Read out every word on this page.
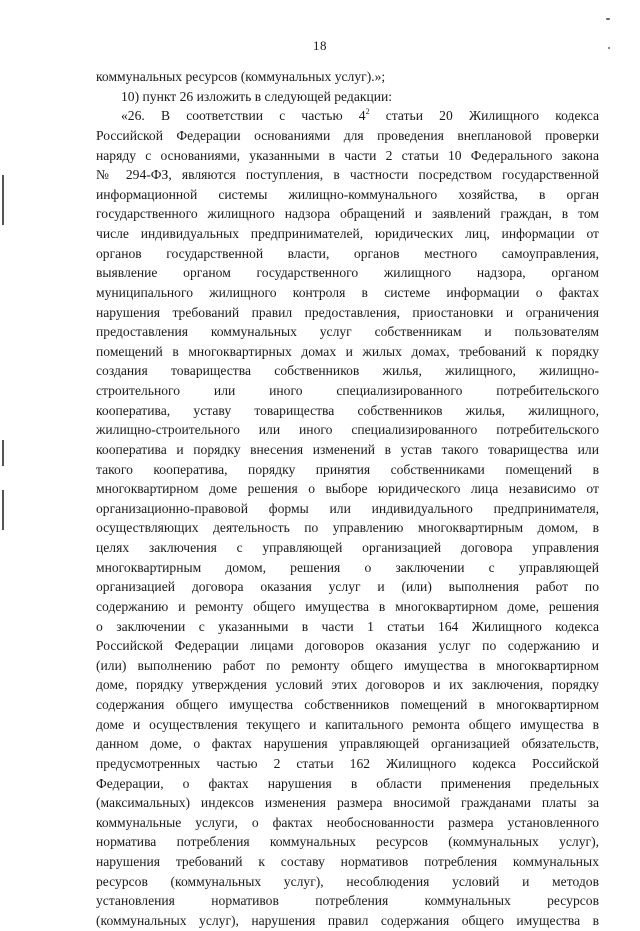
18
коммунальных ресурсов (коммунальных услуг).»;
10) пункт 26 изложить в следующей редакции:
«26. В соответствии с частью $4^2$ статьи 20 Жилищного кодекса
Российской Федерации основаниями для проведения внеплановой проверки
наряду с основаниями, указанными в части 2 статьи 10 Федерального закона
№ 294-ФЗ, являются поступления, в частности посредством государственной
информационной системы жилищно-коммунального хозяйства, в орган
государственного жилищного надзора обращений и заявлений граждан, в том
числе индивидуальных предпринимателей, юридических лиц, информации от
органов государственной власти, органов местного самоуправления,
выявление органом государственного жилищного надзора, органом
муниципального жилищного контроля в системе информации о фактах
нарушения требований правил предоставления, приостановки и ограничения
предоставления коммунальных услуг собственникам и пользователям
помещений в многоквартирных домах и жилых домах, требований к порядку
создания товарищества собственников жилья, жилищного, жилищно-
строительного или иного специализированного потребительского
кооператива, уставу товарищества собственников жилья, жилищного,
жилищно-строительного или иного специализированного потребительского
кооператива и порядку внесения изменений в устав такого товарищества или
такого кооператива, порядку принятия собственниками помещений в
многоквартирном доме решения о выборе юридического лица независимо от
организационно-правовой формы или индивидуального предпринимателя,
осуществляющих деятельность по управлению многоквартирным домом, в
целях заключения с управляющей организацией договора управления
многоквартирным домом, решения о заключении с управляющей
организацией договора оказания услуг и (или) выполнения работ по
содержанию и ремонту общего имущества в многоквартирном доме, решения
о заключении с указанными в части 1 статьи 164 Жилищного кодекса
Российской Федерации лицами договоров оказания услуг по содержанию и
(или) выполнению работ по ремонту общего имущества в многоквартирном
доме, порядку утверждения условий этих договоров и их заключения, порядку
содержания общего имущества собственников помещений в многоквартирном
доме и осуществления текущего и капитального ремонта общего имущества в
данном доме, о фактах нарушения управляющей организацией обязательств,
предусмотренных частью 2 статьи 162 Жилищного кодекса Российской
Федерации, о фактах нарушения в области применения предельных
(максимальных) индексов изменения размера вносимой гражданами платы за
коммунальные услуги, о фактах необоснованности размера установленного
норматива потребления коммунальных ресурсов (коммунальных услуг),
нарушения требований к составу нормативов потребления коммунальных
ресурсов (коммунальных услуг), несоблюдения условий и методов
установления нормативов потребления коммунальных ресурсов
(коммунальных услуг), нарушения правил содержания общего имущества в
